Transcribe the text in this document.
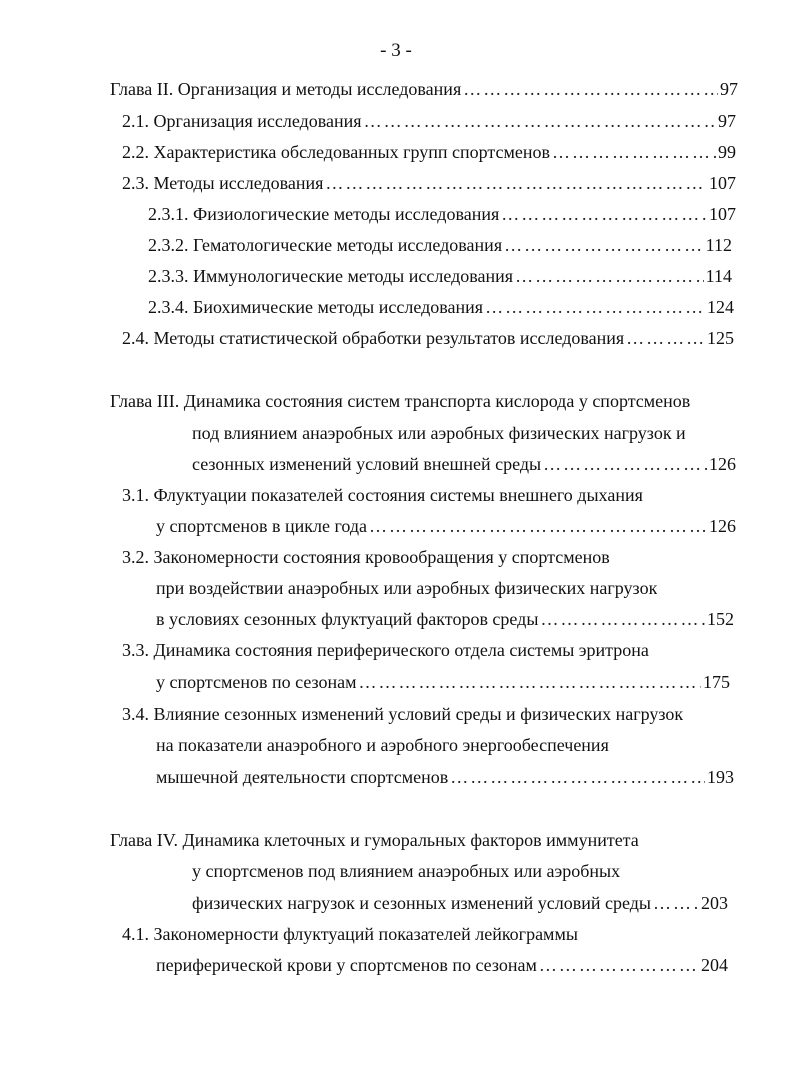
- 3 -
Глава II. Организация и методы исследования ……………………………………………………………………………………………………………………………………………………………………	97
2.1. Организация исследования ……………………………………………………………………………………………………………………………………………………………………	97
2.2. Характеристика обследованных групп спортсменов ……………………………………………………………………………………………………………………………………………………………………	99
2.3. Методы исследования ……………………………………………………………………………………………………………………………………………………………………	107
2.3.1. Физиологические методы исследования ……………………………………………………………………………………………………………………………………………………………………	107
2.3.2. Гематологические методы исследования ……………………………………………………………………………………………………………………………………………………………………	112
2.3.3. Иммунологические методы исследования ……………………………………………………………………………………………………………………………………………………………………	114
2.3.4. Биохимические методы исследования ……………………………………………………………………………………………………………………………………………………………………	124
2.4. Методы статистической обработки результатов исследования ……………………………………………………………………………………………………………………………………………………………………	125
Глава III. Динамика состояния систем транспорта кислорода у спортсменов
под влиянием анаэробных или аэробных физических нагрузок и
сезонных изменений условий внешней среды ……………………………………………………………………………………………………………………………………………………………………	126
3.1. Флуктуации показателей состояния системы внешнего дыхания
у спортсменов в цикле года ……………………………………………………………………………………………………………………………………………………………………	126
3.2. Закономерности состояния кровообращения у спортсменов
при воздействии анаэробных или аэробных физических нагрузок
в условиях сезонных флуктуаций факторов среды ……………………………………………………………………………………………………………………………………………………………………	152
3.3. Динамика состояния периферического отдела системы эритрона
у спортсменов по сезонам ……………………………………………………………………………………………………………………………………………………………………	175
3.4. Влияние сезонных изменений условий среды и физических нагрузок
на показатели анаэробного и аэробного энергообеспечения
мышечной деятельности спортсменов ……………………………………………………………………………………………………………………………………………………………………	193
Глава IV. Динамика клеточных и гуморальных факторов иммунитета
у спортсменов под влиянием анаэробных или аэробных
физических нагрузок и сезонных изменений условий среды ……………………………………………………………………………………………………………………………………………………………………	203
4.1. Закономерности флуктуаций показателей лейкограммы
периферической крови у спортсменов по сезонам ……………………………………………………………………………………………………………………………………………………………………	204
